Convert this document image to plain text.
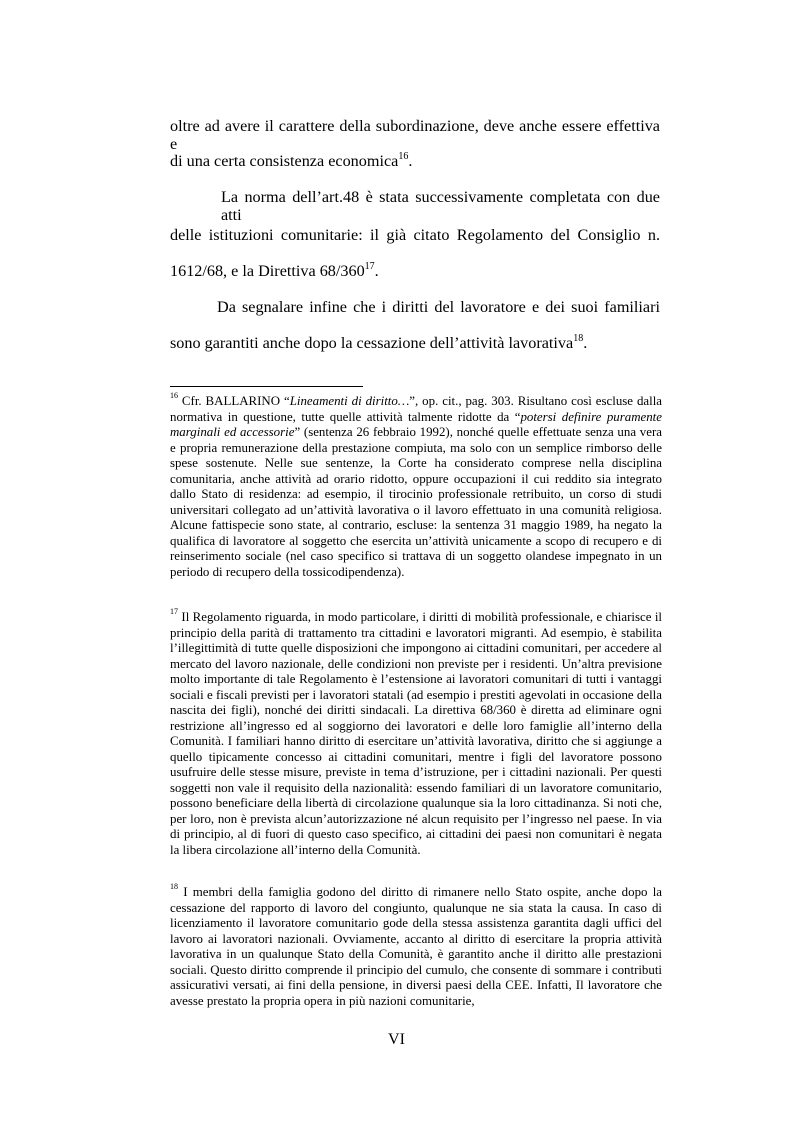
oltre ad avere il carattere della subordinazione, deve anche essere effettiva e
di una certa consistenza economica$^{16}$.
La norma dell’art.48 è stata successivamente completata con due atti
delle istituzioni comunitarie: il già citato Regolamento del Consiglio n.
1612/68, e la Direttiva $68/360^{17}$.
Da segnalare infine che i diritti del lavoratore e dei suoi familiari
sono garantiti anche dopo la cessazione dell’attività lavorativa$^{18}$.
$^{16}$ Cfr. BALLARINO “Lineamenti di diritto…”, op. cit., pag. 303. Risultano così escluse dalla normativa in questione, tutte quelle attività talmente ridotte da “potersi definire puramente marginali ed accessorie” (sentenza 26 febbraio 1992), nonché quelle effettuate senza una vera e propria remunerazione della prestazione compiuta, ma solo con un semplice rimborso delle spese sostenute. Nelle sue sentenze, la Corte ha considerato comprese nella disciplina comunitaria, anche attività ad orario ridotto, oppure occupazioni il cui reddito sia integrato dallo Stato di residenza: ad esempio, il tirocinio professionale retribuito, un corso di studi universitari collegato ad un’attività lavorativa o il lavoro effettuato in una comunità religiosa. Alcune fattispecie sono state, al contrario, escluse: la sentenza 31 maggio 1989, ha negato la qualifica di lavoratore al soggetto che esercita un’attività unicamente a scopo di recupero e di reinserimento sociale (nel caso specifico si trattava di un soggetto olandese impegnato in un periodo di recupero della tossicodipendenza).
$^{17}$ Il Regolamento riguarda, in modo particolare, i diritti di mobilità professionale, e chiarisce il principio della parità di trattamento tra cittadini e lavoratori migranti. Ad esempio, è stabilita l’illegittimità di tutte quelle disposizioni che impongono ai cittadini comunitari, per accedere al mercato del lavoro nazionale, delle condizioni non previste per i residenti. Un’altra previsione molto importante di tale Regolamento è l’estensione ai lavoratori comunitari di tutti i vantaggi sociali e fiscali previsti per i lavoratori statali (ad esempio i prestiti agevolati in occasione della nascita dei figli), nonché dei diritti sindacali. La direttiva 68/360 è diretta ad eliminare ogni restrizione all’ingresso ed al soggiorno dei lavoratori e delle loro famiglie all’interno della Comunità. I familiari hanno diritto di esercitare un’attività lavorativa, diritto che si aggiunge a quello tipicamente concesso ai cittadini comunitari, mentre i figli del lavoratore possono usufruire delle stesse misure, previste in tema d’istruzione, per i cittadini nazionali. Per questi soggetti non vale il requisito della nazionalità: essendo familiari di un lavoratore comunitario, possono beneficiare della libertà di circolazione qualunque sia la loro cittadinanza. Si noti che, per loro, non è prevista alcun’autorizzazione né alcun requisito per l’ingresso nel paese. In via di principio, al di fuori di questo caso specifico, ai cittadini dei paesi non comunitari è negata la libera circolazione all’interno della Comunità.
$^{18}$ I membri della famiglia godono del diritto di rimanere nello Stato ospite, anche dopo la cessazione del rapporto di lavoro del congiunto, qualunque ne sia stata la causa. In caso di licenziamento il lavoratore comunitario gode della stessa assistenza garantita dagli uffici del lavoro ai lavoratori nazionali. Ovviamente, accanto al diritto di esercitare la propria attività lavorativa in un qualunque Stato della Comunità, è garantito anche il diritto alle prestazioni sociali. Questo diritto comprende il principio del cumulo, che consente di sommare i contributi assicurativi versati, ai fini della pensione, in diversi paesi della CEE. Infatti, Il lavoratore che avesse prestato la propria opera in più nazioni comunitarie,
VI
